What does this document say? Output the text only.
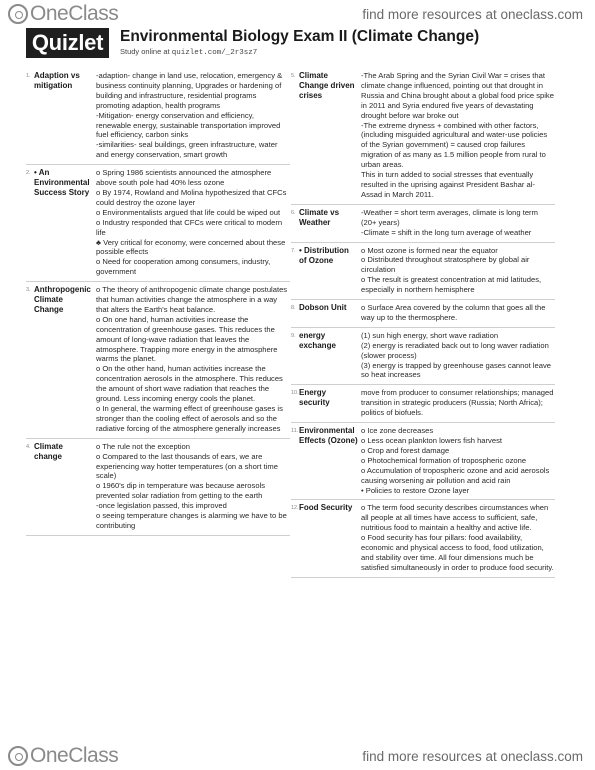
OneClass	find more resources at oneclass.com
Quizlet	Environmental Biology Exam II (Climate Change)
Study online at quizlet.com/_2r3sz7
1. Adaption vs mitigation
-adaption- change in land use, relocation, emergency & business continuity planning, Upgrades or hardening of building and infrastructure, residential programs promoting adaption, health programs
-Mitigation- energy conservation and efficiency, renewable energy, sustainable transportation improved fuel efficiency, carbon sinks
-similarities- seal buildings, green infrastructure, water and energy conservation, smart growth
2. • An Environmental Success Story
o Spring 1986 scientists announced the atmosphere above south pole had 40% less ozone
o By 1974, Rowland and Molina hypothesized that CFCs could destroy the ozone layer
o Environmentalists argued that life could be wiped out
o Industry responded that CFCs were critical to modern life
♣ Very critical for economy, were concerned about these possible effects
o Need for cooperation among consumers, industry, government
3. Anthropogenic Climate Change
o The theory of anthropogenic climate change postulates that human activities change the atmosphere in a way that alters the Earth's heat balance.
o On one hand, human activities increase the concentration of greenhouse gases. This reduces the amount of long-wave radiation that leaves the atmosphere. Trapping more energy in the atmosphere warms the planet.
o On the other hand, human activities increase the concentration aerosols in the atmosphere. This reduces the amount of short wave radiation that reaches the ground. Less incoming energy cools the planet.
o In general, the warming effect of greenhouse gases is stronger than the cooling effect of aerosols and so the radiative forcing of the atmosphere generally increases
4. Climate change
o The rule not the exception
o Compared to the last thousands of ears, we are experiencing way hotter temperatures (on a short time scale)
o 1960's dip in temperature was because aerosols prevented solar radiation from getting to the earth
-once legislation passed, this improved
o seeing temperature changes is alarming we have to be contributing
5. Climate Change driven crises
-The Arab Spring and the Syrian Civil War = crises that climate change influenced, pointing out that drought in Russia and China brought about a global food price spike in 2011 and Syria endured five years of devastating drought before war broke out
-The extreme dryness + combined with other factors, (including misguided agricultural and water-use policies of the Syrian government) = caused crop failures migration of as many as 1.5 million people from rural to urban areas.
This in turn added to social stresses that eventually resulted in the uprising against President Bashar al-Assad in March 2011.
6. Climate vs Weather
-Weather = short term averages, climate is long term (20+ years)
-Climate = shift in the long turn average of weather
7. • Distribution of Ozone
o Most ozone is formed near the equator
o Distributed throughout stratosphere by global air circulation
o The result is greatest concentration at mid latitudes, especially in northern hemisphere
8. Dobson Unit	o Surface Area covered by the column that goes all the way up to the thermosphere.
9. energy exchange
(1) sun high energy, short wave radiation
(2) energy is reradiated back out to long waver radiation (slower process)
(3) energy is trapped by greenhouse gases cannot leave so heat increases
10. Energy security
move from producer to consumer relationships; managed transition in strategic producers (Russia; North Africa); politics of biofuels.
11. Environmental Effects (Ozone)
o Ice zone decreases
o Less ocean plankton lowers fish harvest
o Crop and forest damage
o Photochemical formation of tropospheric ozone
o Accumulation of tropospheric ozone and acid aerosols causing worsening air pollution and acid rain
• Policies to restore Ozone layer
12. Food Security	o The term food security describes circumstances when all people at all times have access to sufficient, safe, nutritious food to maintain a healthy and active life.
o Food security has four pillars: food availability, economic and physical access to food, food utilization, and stability over time. All four dimensions much be satisfied simultaneously in order to produce food security.
OneClass	find more resources at oneclass.com
